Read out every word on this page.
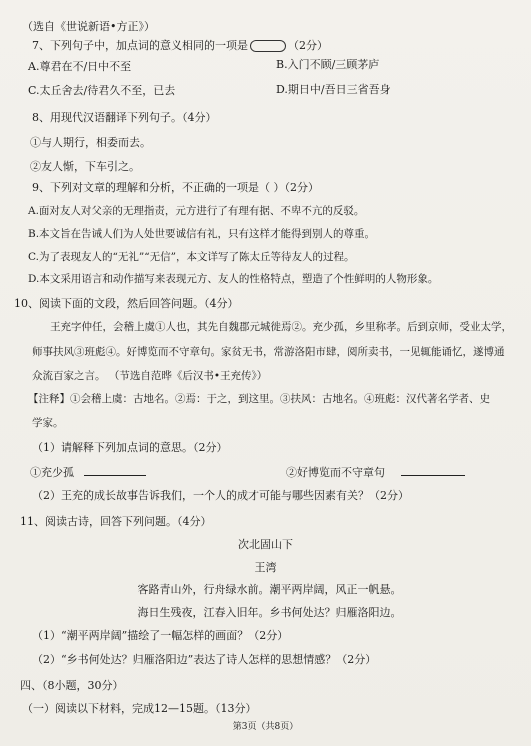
（选自《世说新语•方正》）
7、下列句子中，加点词的意义相同的一项是	（2分）
A.尊君在不/日中不至	B.入门不顾/三顾茅庐
C.太丘舍去/待君久不至，已去	D.期日中/吾日三省吾身
8、用现代汉语翻译下列句子。（4分）
①与人期行，相委而去。
②友人惭，下车引之。
9、下列对文章的理解和分析，不正确的一项是（ ）（2分）
A.面对友人对父亲的无理指责，元方进行了有理有据、不卑不亢的反驳。
B.本文旨在告诫人们为人处世要诚信有礼，只有这样才能得到别人的尊重。
C.为了表现友人的“无礼”“无信”，本文详写了陈太丘等待友人的过程。
D.本文采用语言和动作描写来表现元方、友人的性格特点，塑造了个性鲜明的人物形象。
10、阅读下面的文段，然后回答问题。（4分）
王充字仲任，会稽上虞①人也，其先自魏郡元城徙焉②。充少孤，乡里称孝。后到京师，受业太学，
师事扶风③班彪④。好博览而不守章句。家贫无书，常游洛阳市肆，阅所卖书，一见辄能诵忆，遂博通
众流百家之言。 （节选自范晔《后汉书•王充传》）
【注释】①会稽上虞：古地名。②焉：于之，到这里。③扶风：古地名。④班彪：汉代著名学者、史
学家。
（1）请解释下列加点词的意思。（2分）
①充少孤	②好博览而不守章句
（2）王充的成长故事告诉我们，一个人的成才可能与哪些因素有关？（2分）
11、阅读古诗，回答下列问题。（4分）
次北固山下
王湾
客路青山外，行舟绿水前。潮平两岸阔，风正一帆悬。
海日生残夜，江春入旧年。乡书何处达？归雁洛阳边。
（1）“潮平两岸阔”描绘了一幅怎样的画面？（2分）
（2）“乡书何处达？归雁洛阳边”表达了诗人怎样的思想情感？（2分）
四、（8小题，30分）
（一）阅读以下材料，完成12—15题。（13分）
第3页（共8页）
